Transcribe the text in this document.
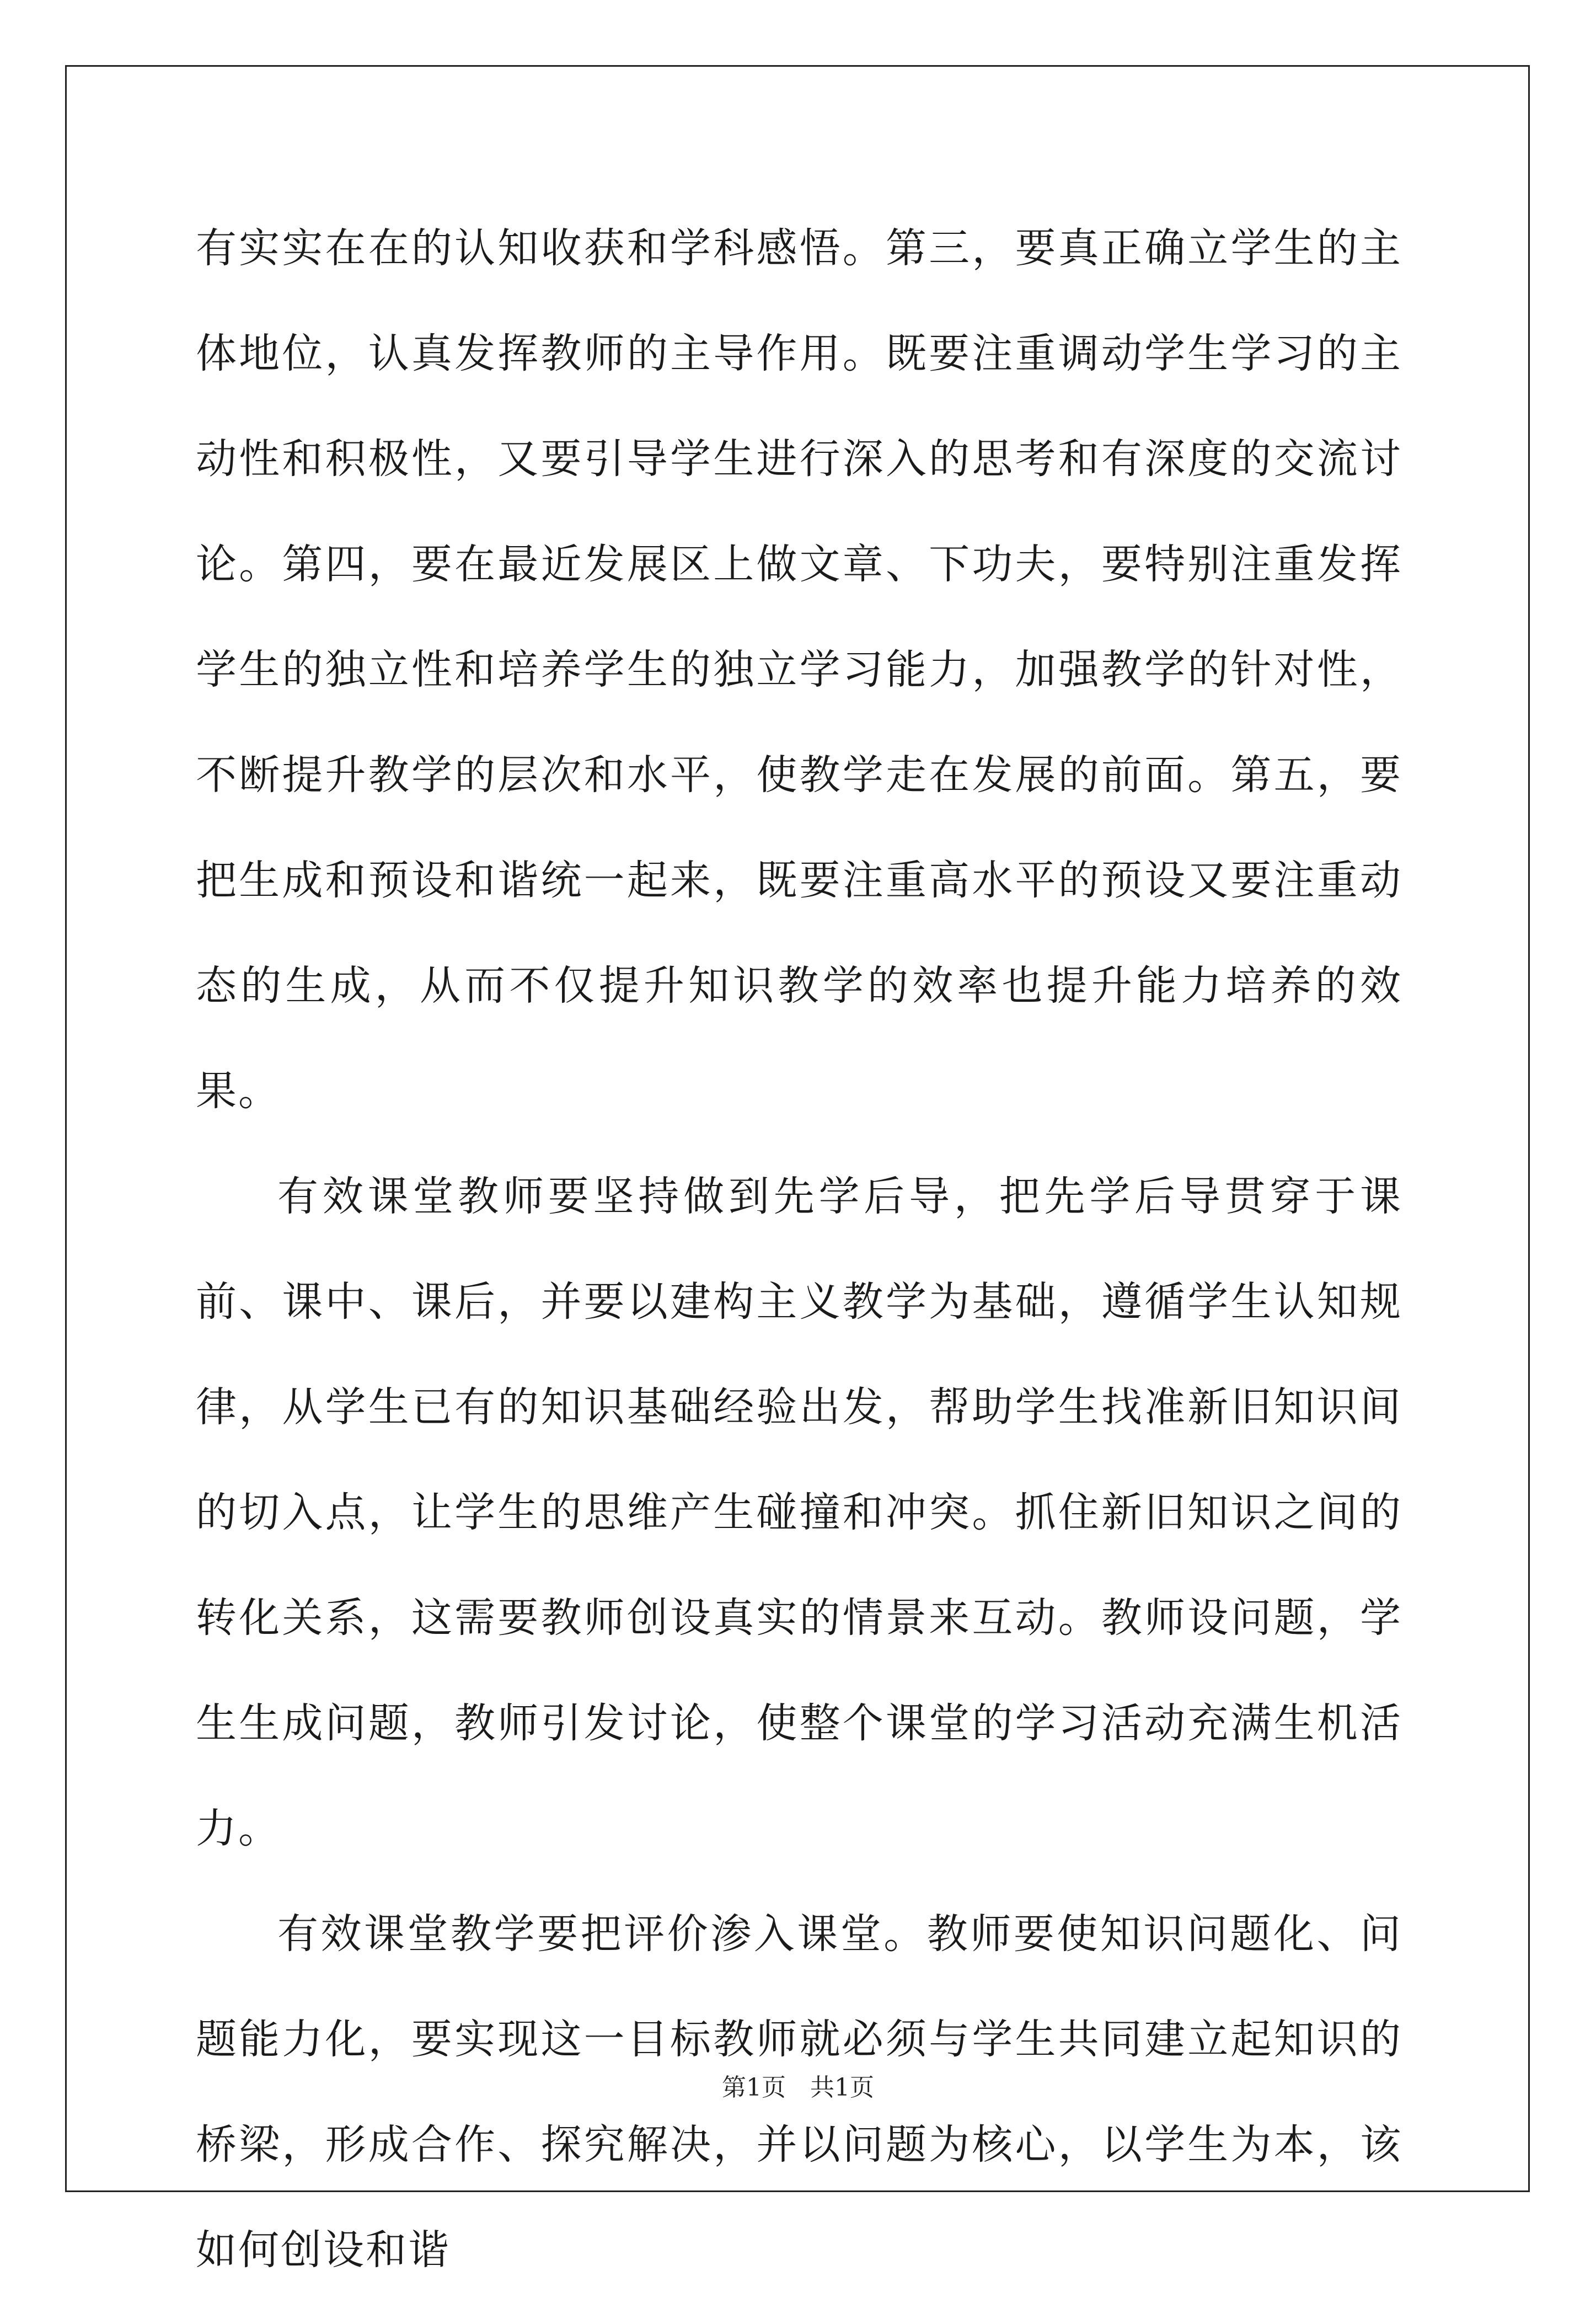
有实实在在的认知收获和学科感悟。第三，要真正确立学生的主体地位，认真发挥教师的主导作用。既要注重调动学生学习的主动性和积极性，又要引导学生进行深入的思考和有深度的交流讨论。第四，要在最近发展区上做文章、下功夫，要特别注重发挥学生的独立性和培养学生的独立学习能力，加强教学的针对性，不断提升教学的层次和水平，使教学走在发展的前面。第五，要把生成和预设和谐统一起来，既要注重高水平的预设又要注重动态的生成，从而不仅提升知识教学的效率也提升能力培养的效果。

有效课堂教师要坚持做到先学后导，把先学后导贯穿于课前、课中、课后，并要以建构主义教学为基础，遵循学生认知规律，从学生已有的知识基础经验出发，帮助学生找准新旧知识间的切入点，让学生的思维产生碰撞和冲突。抓住新旧知识之间的转化关系，这需要教师创设真实的情景来互动。教师设问题，学生生成问题，教师引发讨论，使整个课堂的学习活动充满生机活力。

有效课堂教学要把评价渗入课堂。教师要使知识问题化、问题能力化，要实现这一目标教师就必须与学生共同建立起知识的桥梁，形成合作、探究解决，并以问题为核心，以学生为本，该如何创设和谐

第1页　共1页
